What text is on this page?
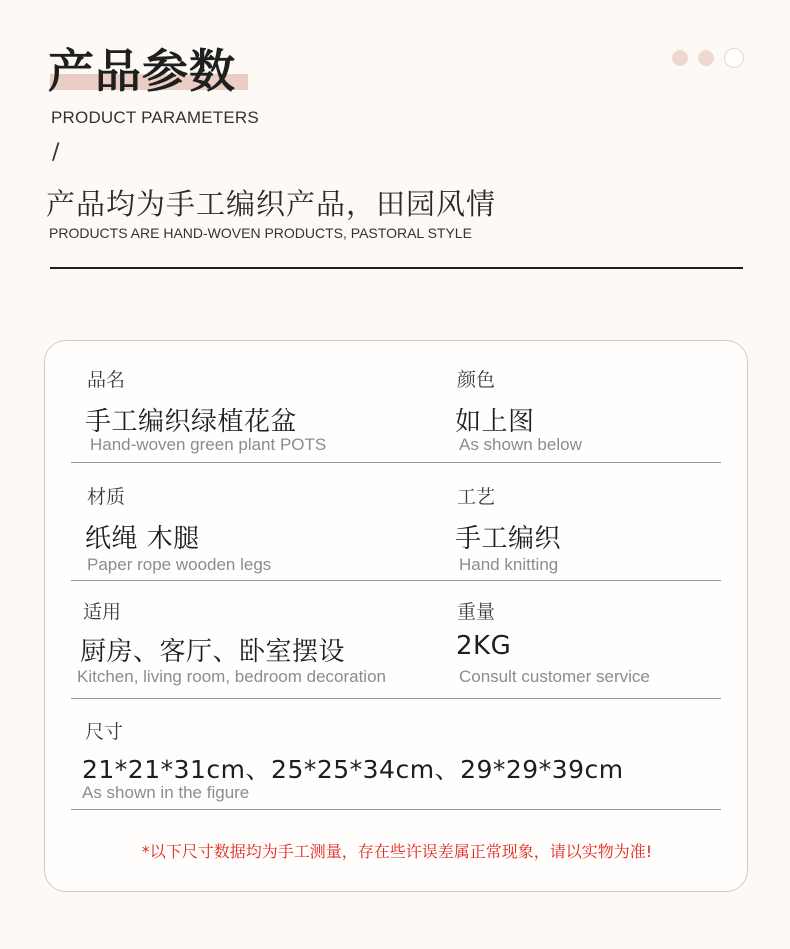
产品参数
PRODUCT PARAMETERS
/
产品均为手工编织产品，田园风情
PRODUCTS ARE HAND-WOVEN PRODUCTS, PASTORAL STYLE
品名
手工编织绿植花盆
Hand-woven green plant POTS
颜色
如上图
As shown below
材质
纸绳 木腿
Paper rope wooden legs
工艺
手工编织
Hand knitting
适用
厨房、客厅、卧室摆设
Kitchen, living room, bedroom decoration
重量
2KG
Consult customer service
尺寸
21*21*31cm、25*25*34cm、29*29*39cm
As shown in the figure
*以下尺寸数据均为手工测量，存在些许误差属正常现象，请以实物为准!
